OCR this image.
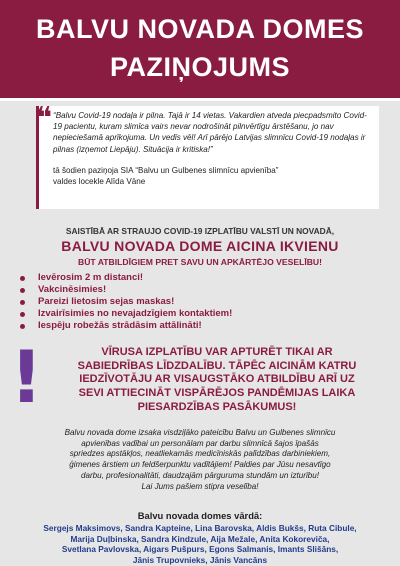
BALVU NOVADA DOMES
PAZIŅOJUMS
❝ “Balvu Covid-19 nodaļa ir pilna. Tajā ir 14 vietas. Vakardien atveda piecpadsmito Covid-19 pacientu, kuram slimīca vairs nevar nodrošināt pilnvērtīgu ārstēšanu, jo nav nepieciešamā aprīkojuma. Un vedīs vēl! Arī pārējo Latvijas slimnīcu Covid-19 nodaļas ir pilnas (izņemot Liepāju). Situācija ir kritiska!”

tā šodien paziņoja SIA “Balvu un Gulbenes slimnīcu apvienība”
valdes locekle Alīda Vāne

SAISTĪBĀ AR STRAUJO COVID-19 IZPLATĪBU VALSTĪ UN NOVADĀ,
BALVU NOVADA DOME AICINA IKVIENU
BŪT ATBILDĪGIEM PRET SAVU UN APKĀRTĒJO VESELĪBU!
Ievērosim 2 m distanci!
Vakcinēsimies!
Pareizi lietosim sejas maskas!
Izvairīsimies no nevajadzīgiem kontaktiem!
Iespēju robežās strādāsim attālināti!
!	VĪRUSA IZPLATĪBU VAR APTURĒT TIKAI AR
SABIEDRĪBAS LĪDZDALĪBU. TĀPĒC AICINĀM KATRU
IEDZĪVOTĀJU AR VISAUGSTĀKO ATBILDĪBU ARĪ UZ
SEVI ATTIECINĀT VISPĀRĒJOS PANDĒMIJAS LAIKA
PIESARDZĪBAS PASĀKUMUS!

Balvu novada dome izsaka visdziļāko pateicību Balvu un Gulbenes slimnīcu
apvienības vadībai un personālam par darbu slimnīcā šajos īpašās
spriedzes apstākļos, neatliekamās medicīniskās palīdzības darbiniekiem,
ģimenes ārstiem un feldšerpunktu vadītājiem! Paldies par Jūsu nesavtīgo
darbu, profesionalitāti, daudzajām pārguruma stundām un izturību!
Lai Jums pašiem stipra veselība!

Balvu novada domes vārdā:

Sergejs Maksimovs, Sandra Kapteine, Lina Barovska, Aldis Bukšs, Ruta Cibule,
Marija Duļbinska, Sandra Kindzule, Aija Mežale, Anita Kokoreviča,
Svetlana Pavlovska, Aigars Pušpurs, Egons Salmanis, Imants Slišāns,
Jānis Trupovnieks, Jānis Vancāns
